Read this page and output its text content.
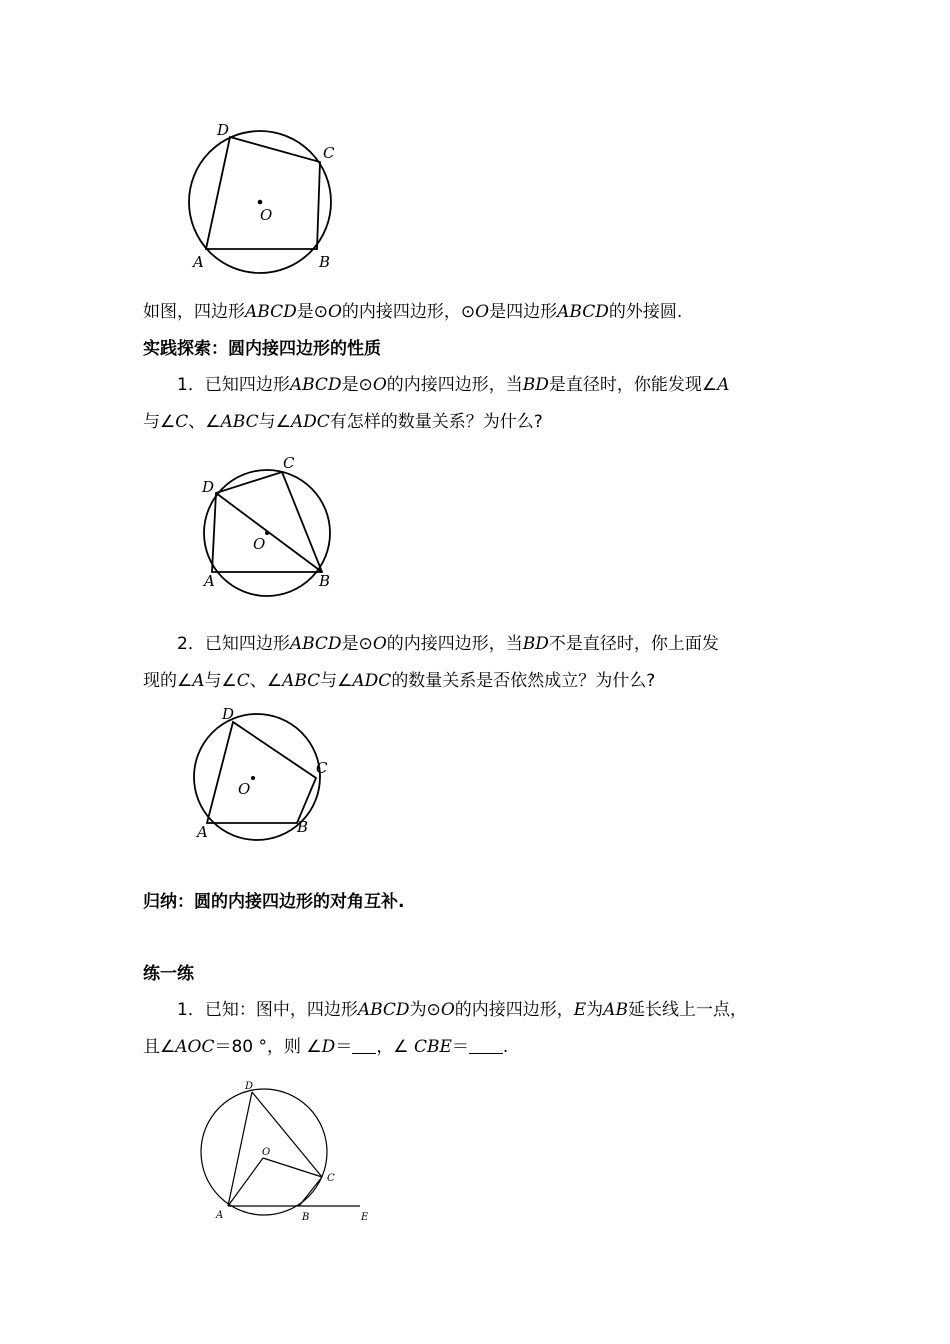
D
C
O
A	B
如图，四边形ABCD是⊙O的内接四边形，⊙O是四边形ABCD的外接圆.
实践探索：圆内接四边形的性质
1．已知四边形ABCD是⊙O的内接四边形，当BD是直径时，你能发现∠A
与∠C、∠ABC与∠ADC有怎样的数量关系？为什么?
C
D
O
A	B
2．已知四边形ABCD是⊙O的内接四边形，当BD不是直径时，你上面发
现的∠A与∠C、∠ABC与∠ADC的数量关系是否依然成立？为什么?
D
C
O
A	B
归纳：圆的内接四边形的对角互补.
练一练
1．已知：图中，四边形ABCD为⊙O的内接四边形，E为AB延长线上一点，
且∠AOC＝80 °，则 ∠D＝ ，∠ CBE＝ .
D
O
C
A	B	E
